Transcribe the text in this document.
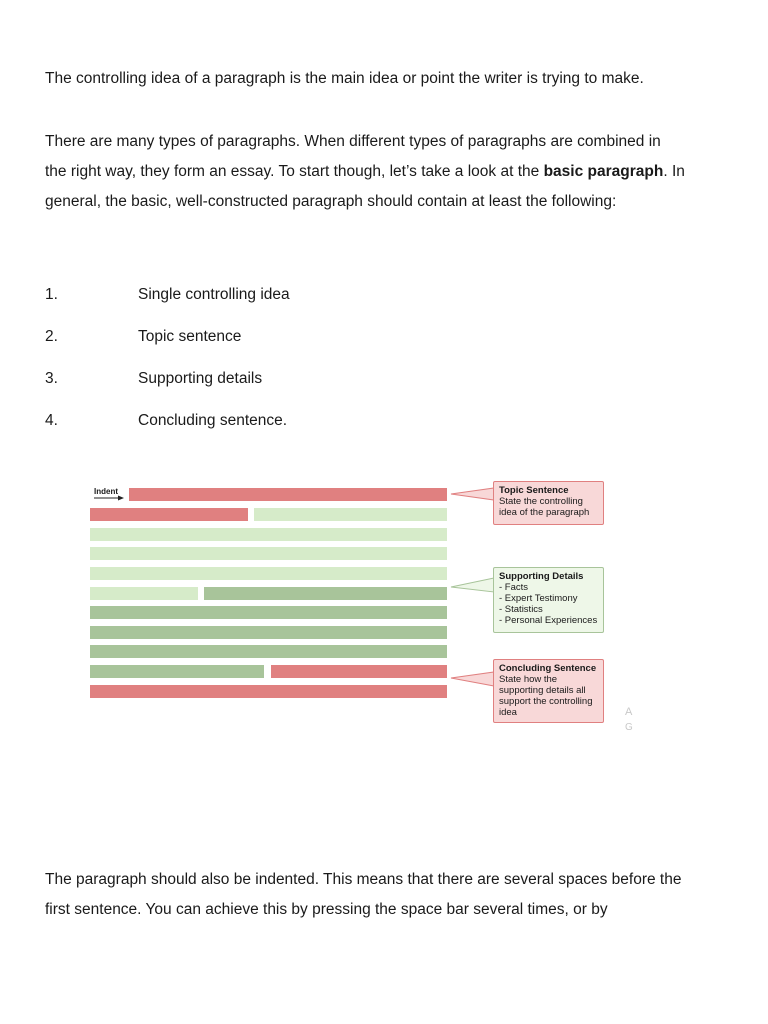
The controlling idea of a paragraph is the main idea or point the writer is trying to make.

There are many types of paragraphs. When different types of paragraphs are combined in the right way, they form an essay. To start though, let’s take a look at the basic paragraph. In general, the basic, well-constructed paragraph should contain at least the following:

1.	Single controlling idea
2.	Topic sentence
3.	Supporting details
4.	Concluding sentence.
Indent	Topic Sentence
State the controlling
idea of the paragraph
Supporting Details
- Facts
- Expert Testimony
- Statistics
- Personal Experiences
Concluding Sentence
State how the
supporting details all
support the controlling
idea	A
G

The paragraph should also be indented. This means that there are several spaces before the first sentence. You can achieve this by pressing the space bar several times, or by
